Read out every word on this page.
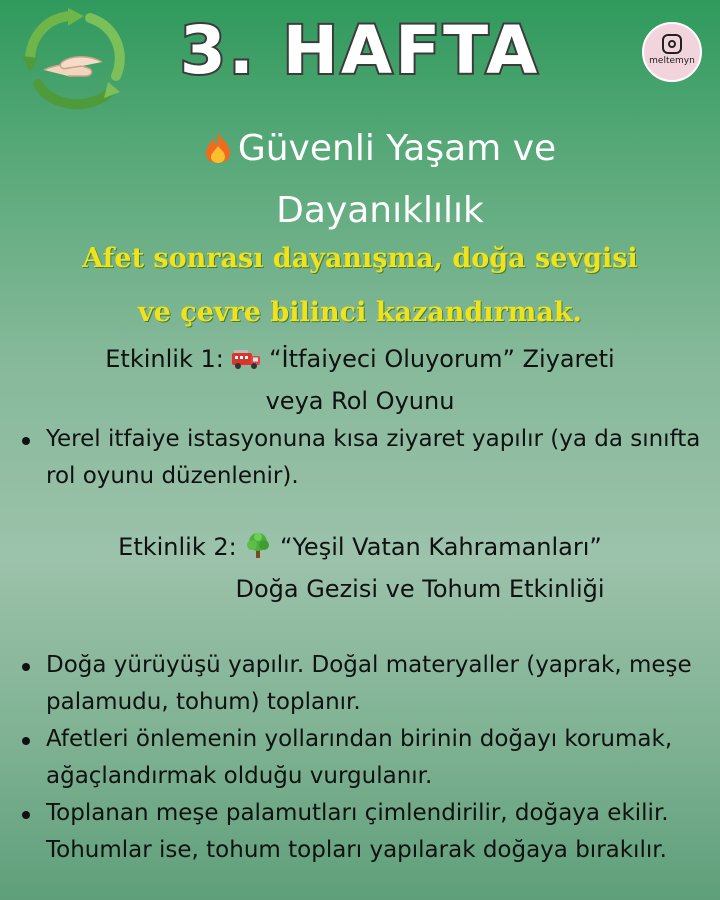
meltemyn
3. HAFTA
Güvenli Yaşam ve
Dayanıklılık
Afet sonrası dayanışma, doğa sevgisi
ve çevre bilinci kazandırmak.
Etkinlik 1: “İtfaiyeci Oluyorum” Ziyareti
veya Rol Oyunu
Yerel itfaiye istasyonuna kısa ziyaret yapılır (ya da sınıfta rol oyunu düzenlenir).
Etkinlik 2: “Yeşil Vatan Kahramanları”
Doğa Gezisi ve Tohum Etkinliği
Doğa yürüyüşü yapılır. Doğal materyaller (yaprak, meşe palamudu, tohum) toplanır.
Afetleri önlemenin yollarından birinin doğayı korumak, ağaçlandırmak olduğu vurgulanır.
Toplanan meşe palamutları çimlendirilir, doğaya ekilir. Tohumlar ise, tohum topları yapılarak doğaya bırakılır.
